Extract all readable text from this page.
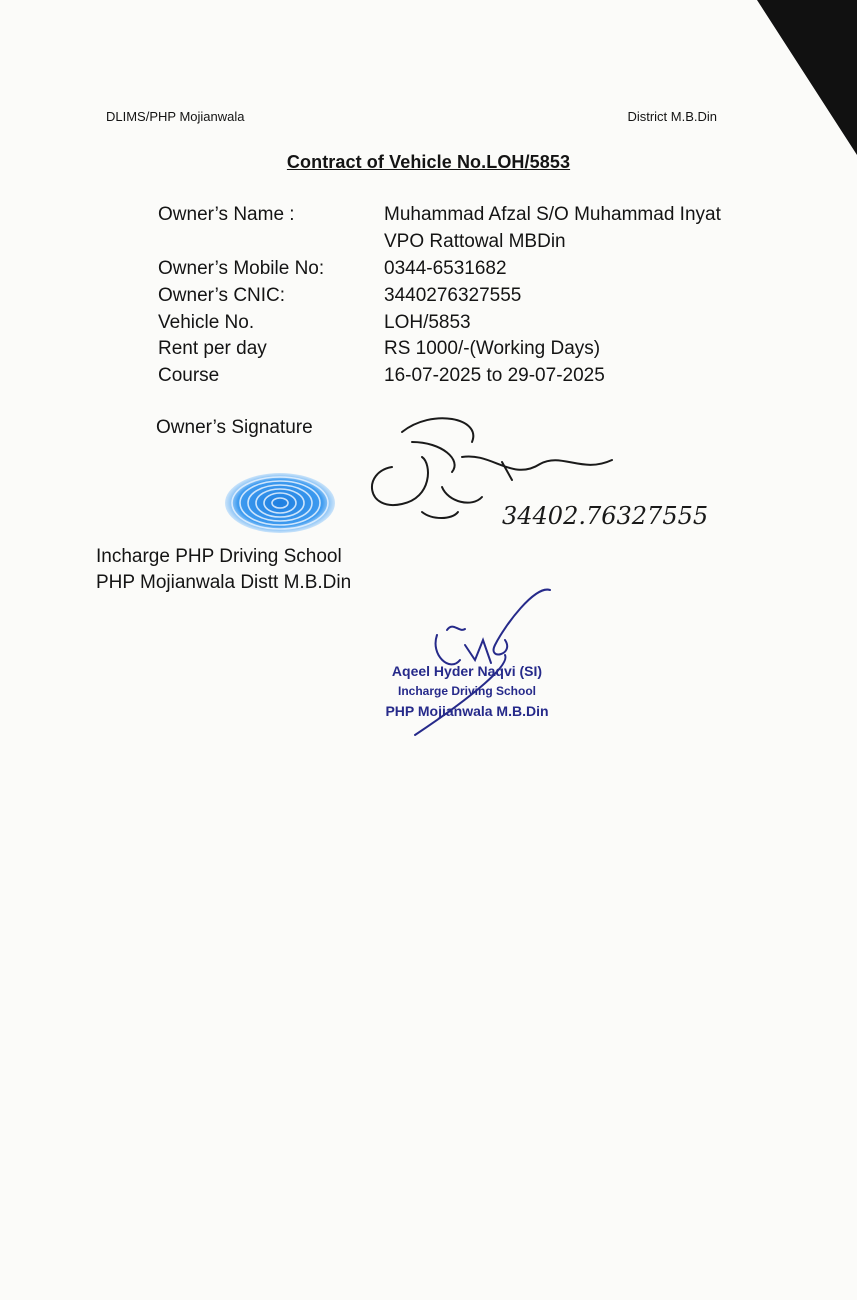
DLIMS/PHP Mojianwala	District M.B.Din
Contract of Vehicle No.LOH/5853
Owner’s Name :	Muhammad Afzal S/O Muhammad Inyat
VPO Rattowal MBDin
Owner’s Mobile No:	0344-6531682
Owner’s CNIC:	3440276327555
Vehicle No.	LOH/5853
Rent per day	RS 1000/-(Working Days)
Course	16-07-2025 to 29-07-2025
Owner’s Signature
34402.76327555
Incharge PHP Driving School
PHP Mojianwala Distt M.B.Din
Aqeel Hyder Naqvi (SI)
Incharge Driving School
PHP Mojianwala M.B.Din
